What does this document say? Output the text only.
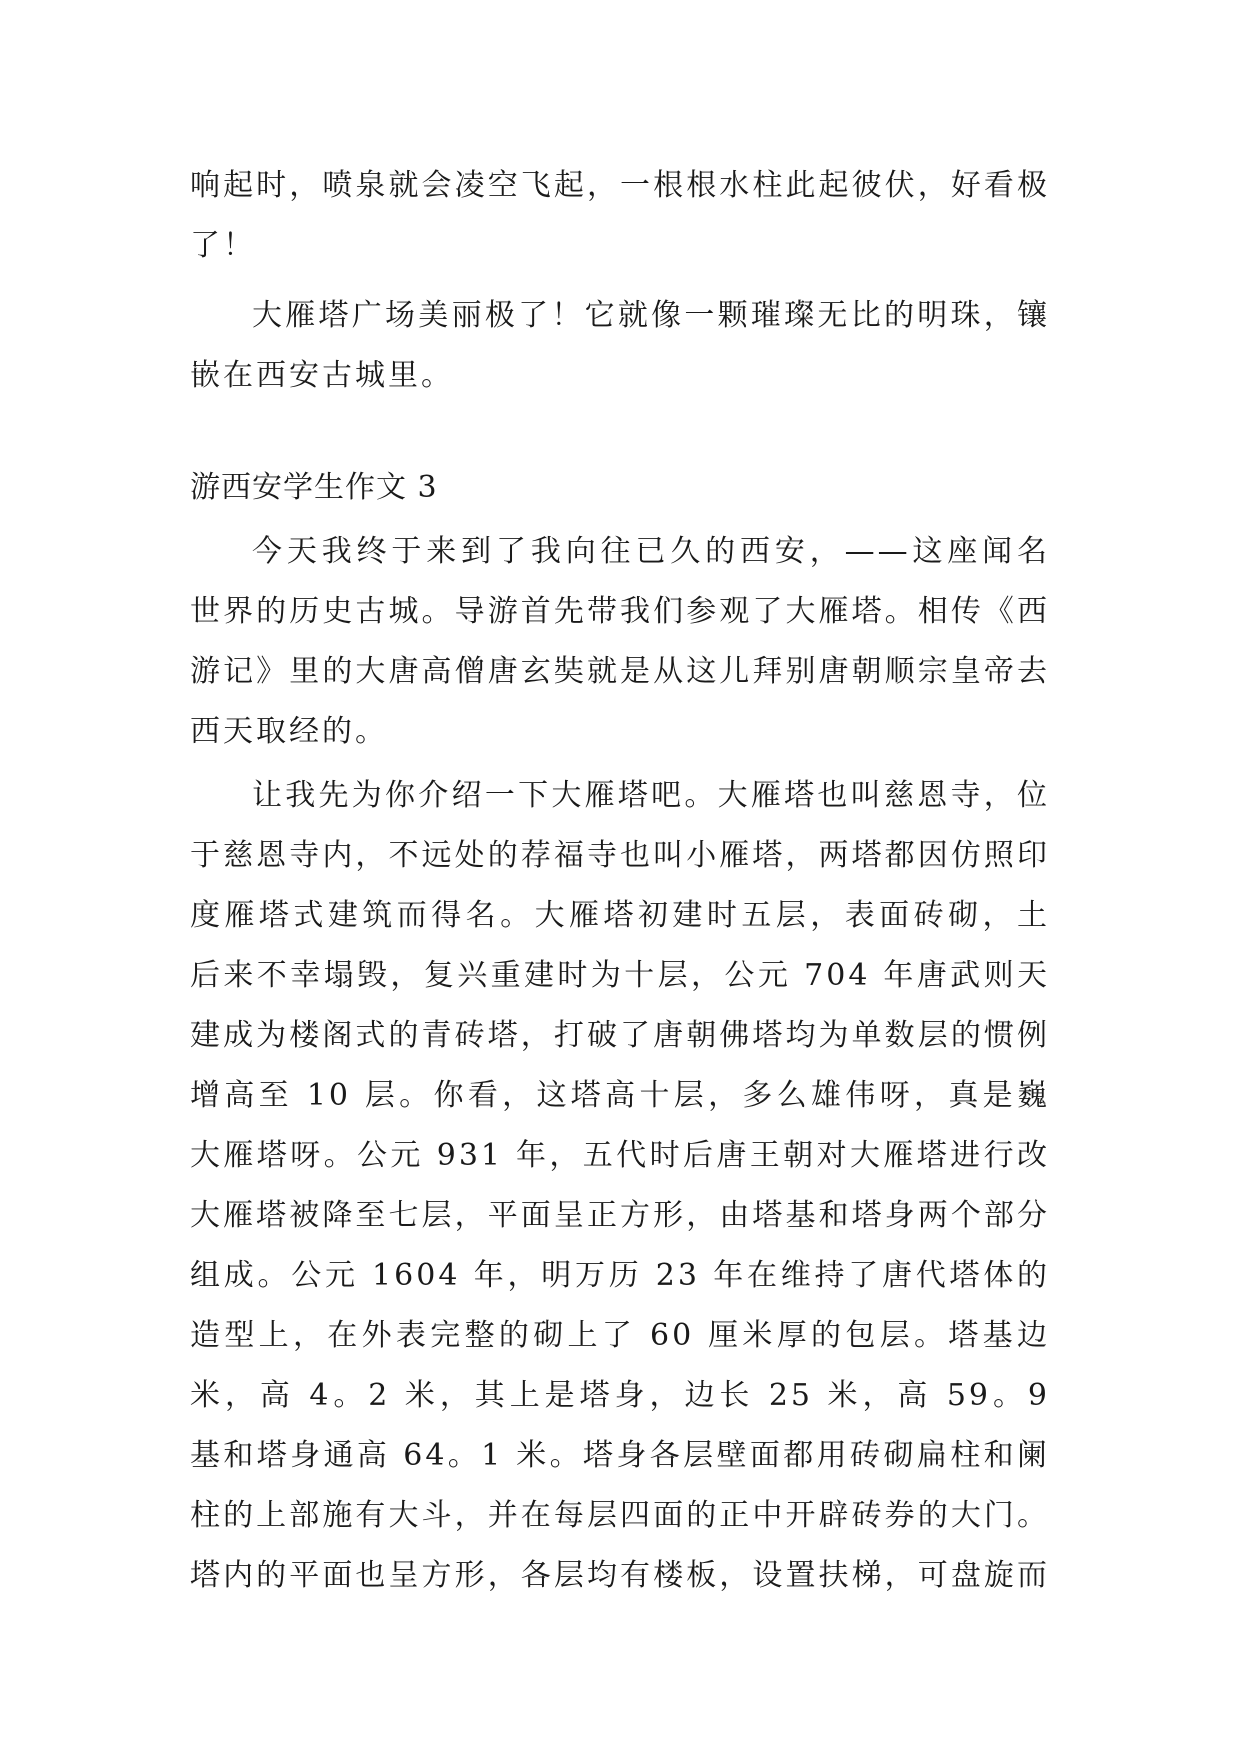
响起时，喷泉就会凌空飞起，一根根水柱此起彼伏，好看极
了！
大雁塔广场美丽极了！它就像一颗璀璨无比的明珠，镶
嵌在西安古城里。
游西安学生作文 3
今天我终于来到了我向往已久的西安，——这座闻名
世界的历史古城。导游首先带我们参观了大雁塔。相传《西
游记》里的大唐高僧唐玄奘就是从这儿拜别唐朝顺宗皇帝去
西天取经的。
让我先为你介绍一下大雁塔吧。大雁塔也叫慈恩寺，位
于慈恩寺内，不远处的荐福寺也叫小雁塔，两塔都因仿照印
度雁塔式建筑而得名。大雁塔初建时五层，表面砖砌，土
后来不幸塌毁，复兴重建时为十层，公元 704 年唐武则天
建成为楼阁式的青砖塔，打破了唐朝佛塔均为单数层的惯例
增高至 10 层。你看，这塔高十层，多么雄伟呀，真是巍
大雁塔呀。公元 931 年，五代时后唐王朝对大雁塔进行改
大雁塔被降至七层，平面呈正方形，由塔基和塔身两个部分
组成。公元 1604 年，明万历 23 年在维持了唐代塔体的
造型上，在外表完整的砌上了 60 厘米厚的包层。塔基边
米，高 4。2 米，其上是塔身，边长 25 米，高 59。9
基和塔身通高 64。1 米。塔身各层壁面都用砖砌扁柱和阑
柱的上部施有大斗，并在每层四面的正中开辟砖券的大门。
塔内的平面也呈方形，各层均有楼板，设置扶梯，可盘旋而
